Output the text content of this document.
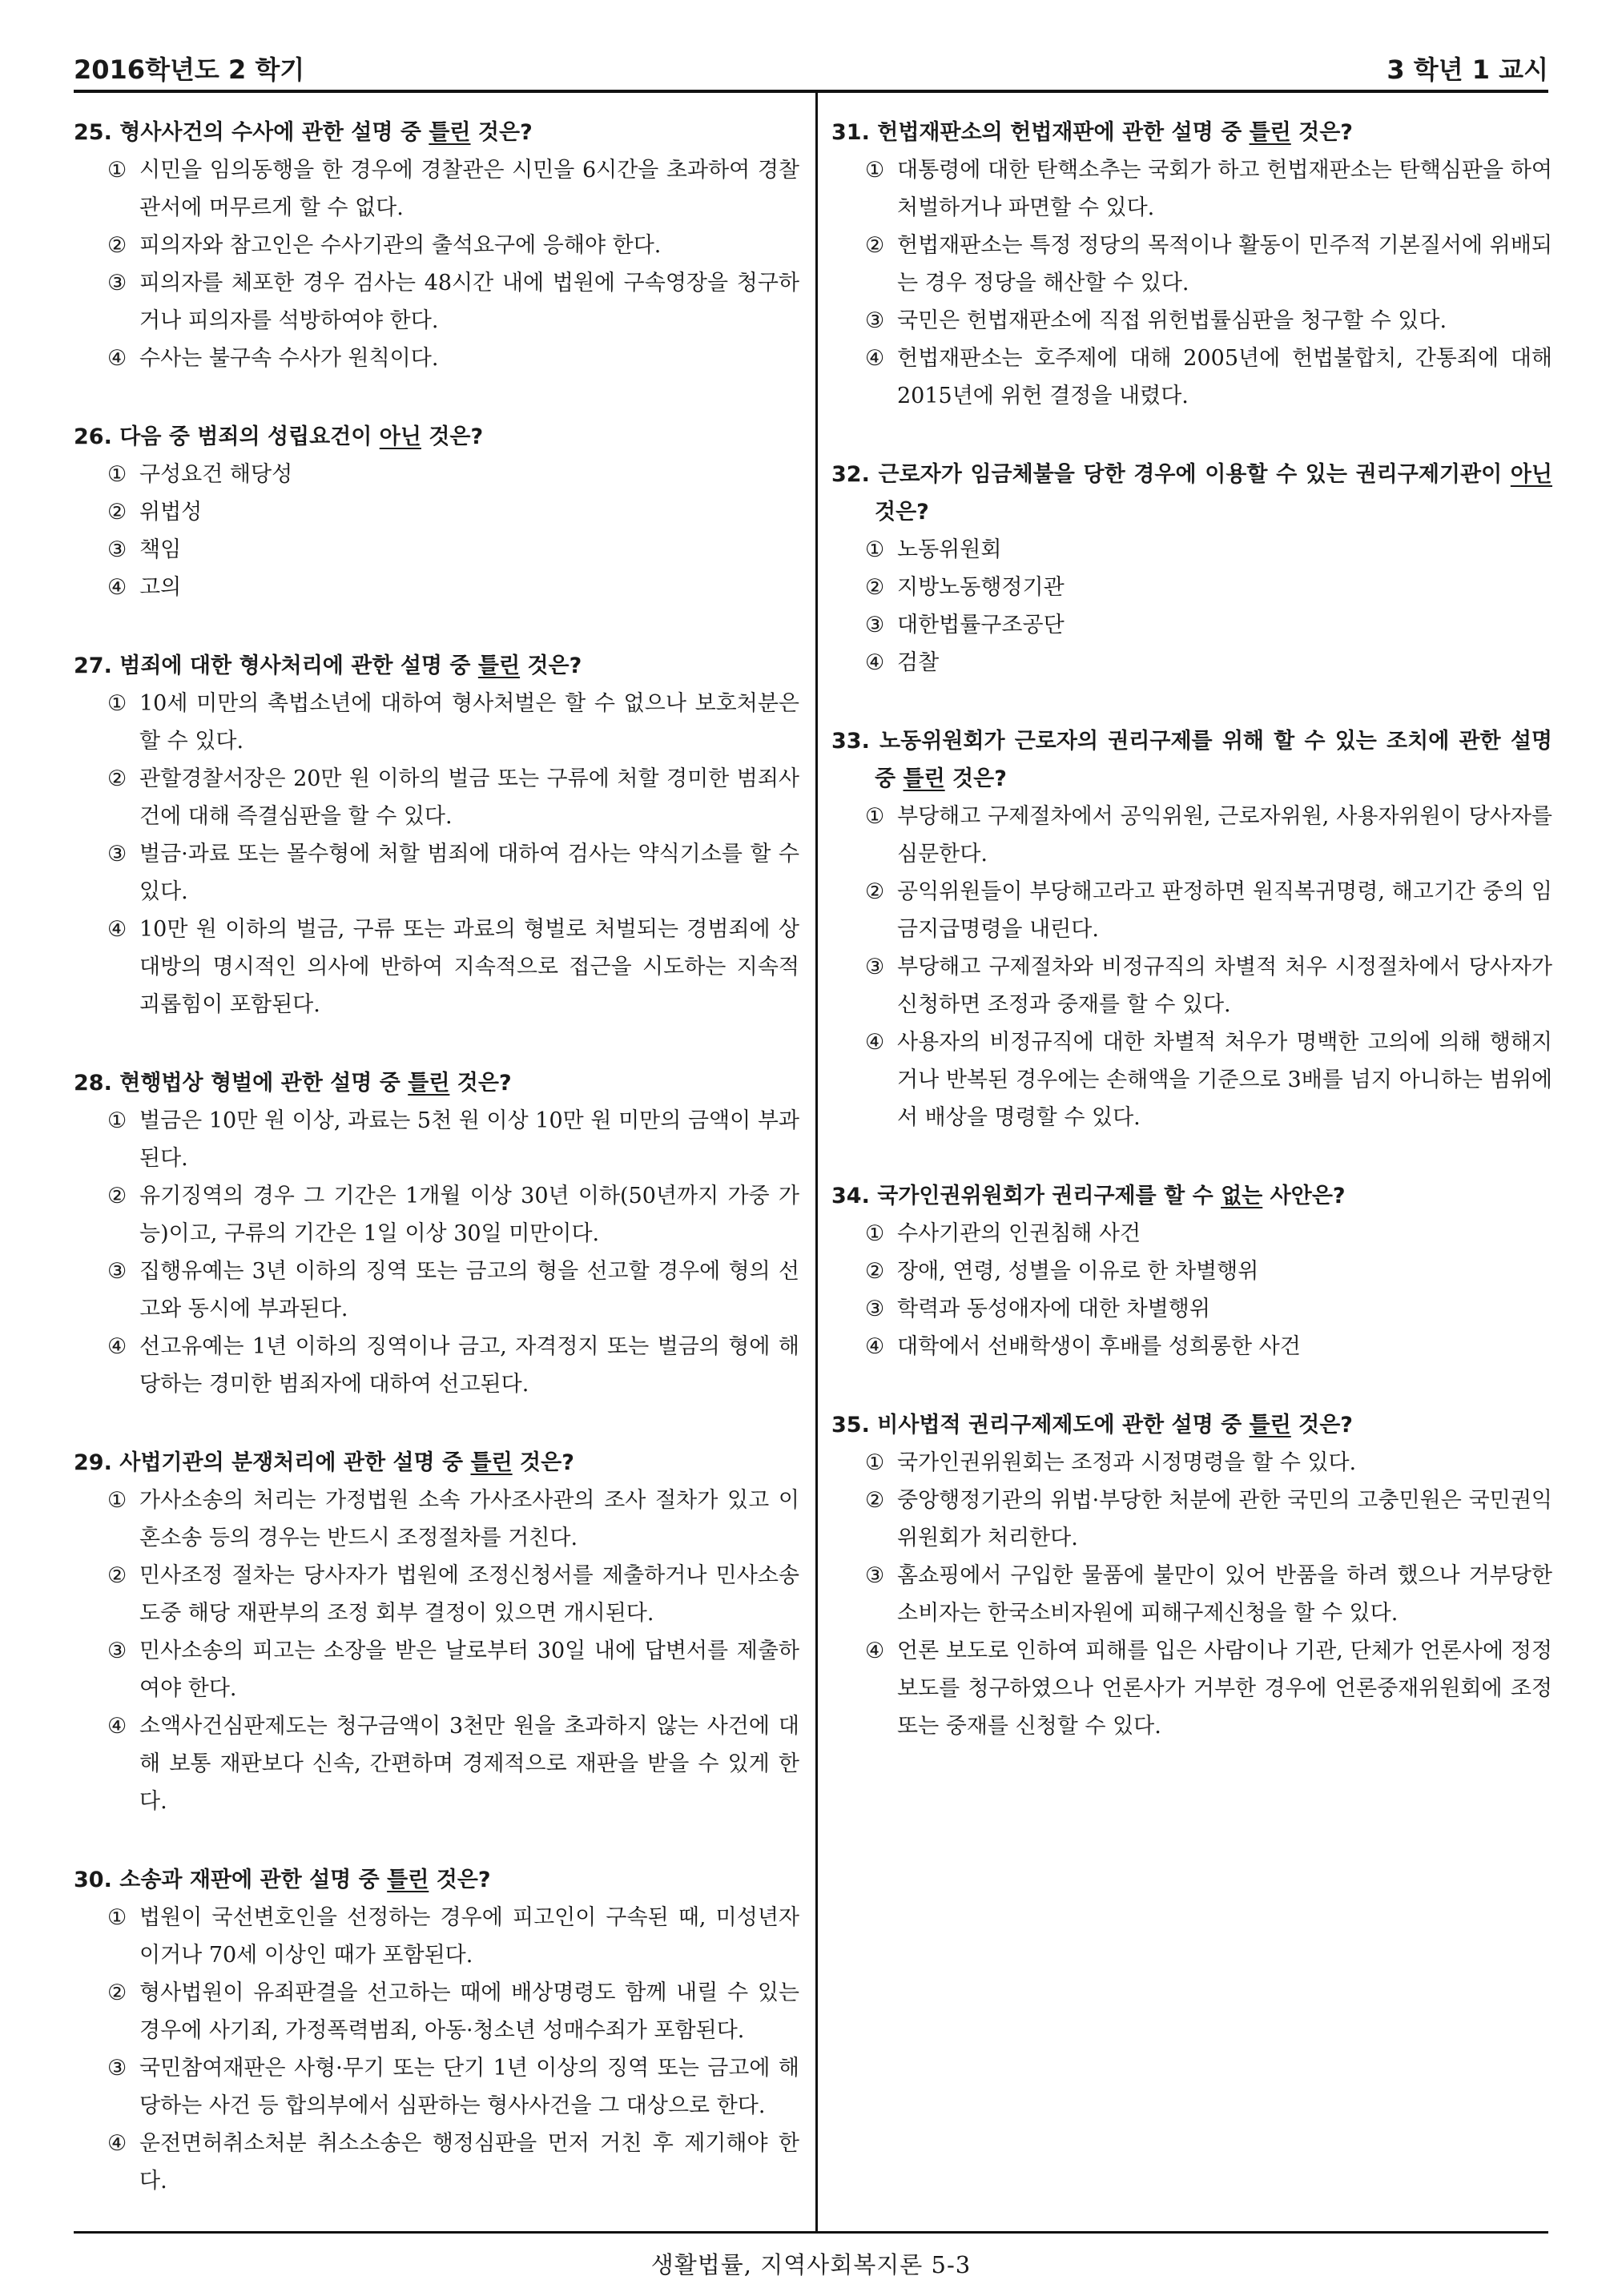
2016학년도 2 학기	3 학년 1 교시
생활법률, 지역사회복지론 5-3
25. 형사사건의 수사에 관한 설명 중 틀린 것은?
① 시민을 임의동행을 한 경우에 경찰관은 시민을 6시간을 초과하여 경찰관서에 머무르게 할 수 없다.
② 피의자와 참고인은 수사기관의 출석요구에 응해야 한다.
③ 피의자를 체포한 경우 검사는 48시간 내에 법원에 구속영장을 청구하거나 피의자를 석방하여야 한다.
④ 수사는 불구속 수사가 원칙이다.
26. 다음 중 범죄의 성립요건이 아닌 것은?
① 구성요건 해당성
② 위법성
③ 책임
④ 고의
27. 범죄에 대한 형사처리에 관한 설명 중 틀린 것은?
① 10세 미만의 촉법소년에 대하여 형사처벌은 할 수 없으나 보호처분은 할 수 있다.
② 관할경찰서장은 20만 원 이하의 벌금 또는 구류에 처할 경미한 범죄사건에 대해 즉결심판을 할 수 있다.
③ 벌금·과료 또는 몰수형에 처할 범죄에 대하여 검사는 약식기소를 할 수 있다.
④ 10만 원 이하의 벌금, 구류 또는 과료의 형벌로 처벌되는 경범죄에 상대방의 명시적인 의사에 반하여 지속적으로 접근을 시도하는 지속적 괴롭힘이 포함된다.
28. 현행법상 형벌에 관한 설명 중 틀린 것은?
① 벌금은 10만 원 이상, 과료는 5천 원 이상 10만 원 미만의 금액이 부과된다.
② 유기징역의 경우 그 기간은 1개월 이상 30년 이하(50년까지 가중 가능)이고, 구류의 기간은 1일 이상 30일 미만이다.
③ 집행유예는 3년 이하의 징역 또는 금고의 형을 선고할 경우에 형의 선고와 동시에 부과된다.
④ 선고유예는 1년 이하의 징역이나 금고, 자격정지 또는 벌금의 형에 해당하는 경미한 범죄자에 대하여 선고된다.
29. 사법기관의 분쟁처리에 관한 설명 중 틀린 것은?
① 가사소송의 처리는 가정법원 소속 가사조사관의 조사 절차가 있고 이혼소송 등의 경우는 반드시 조정절차를 거친다.
② 민사조정 절차는 당사자가 법원에 조정신청서를 제출하거나 민사소송 도중 해당 재판부의 조정 회부 결정이 있으면 개시된다.
③ 민사소송의 피고는 소장을 받은 날로부터 30일 내에 답변서를 제출하여야 한다.
④ 소액사건심판제도는 청구금액이 3천만 원을 초과하지 않는 사건에 대해 보통 재판보다 신속, 간편하며 경제적으로 재판을 받을 수 있게 한다.
30. 소송과 재판에 관한 설명 중 틀린 것은?
① 법원이 국선변호인을 선정하는 경우에 피고인이 구속된 때, 미성년자이거나 70세 이상인 때가 포함된다.
② 형사법원이 유죄판결을 선고하는 때에 배상명령도 함께 내릴 수 있는 경우에 사기죄, 가정폭력범죄, 아동·청소년 성매수죄가 포함된다.
③ 국민참여재판은 사형·무기 또는 단기 1년 이상의 징역 또는 금고에 해당하는 사건 등 합의부에서 심판하는 형사사건을 그 대상으로 한다.
④ 운전면허취소처분 취소소송은 행정심판을 먼저 거친 후 제기해야 한다.
31. 헌법재판소의 헌법재판에 관한 설명 중 틀린 것은?
① 대통령에 대한 탄핵소추는 국회가 하고 헌법재판소는 탄핵심판을 하여 처벌하거나 파면할 수 있다.
② 헌법재판소는 특정 정당의 목적이나 활동이 민주적 기본질서에 위배되는 경우 정당을 해산할 수 있다.
③ 국민은 헌법재판소에 직접 위헌법률심판을 청구할 수 있다.
④ 헌법재판소는 호주제에 대해 2005년에 헌법불합치, 간통죄에 대해 2015년에 위헌 결정을 내렸다.
32. 근로자가 임금체불을 당한 경우에 이용할 수 있는 권리구제기관이 아닌 것은?
① 노동위원회
② 지방노동행정기관
③ 대한법률구조공단
④ 검찰
33. 노동위원회가 근로자의 권리구제를 위해 할 수 있는 조치에 관한 설명 중 틀린 것은?
① 부당해고 구제절차에서 공익위원, 근로자위원, 사용자위원이 당사자를 심문한다.
② 공익위원들이 부당해고라고 판정하면 원직복귀명령, 해고기간 중의 임금지급명령을 내린다.
③ 부당해고 구제절차와 비정규직의 차별적 처우 시정절차에서 당사자가 신청하면 조정과 중재를 할 수 있다.
④ 사용자의 비정규직에 대한 차별적 처우가 명백한 고의에 의해 행해지거나 반복된 경우에는 손해액을 기준으로 3배를 넘지 아니하는 범위에서 배상을 명령할 수 있다.
34. 국가인권위원회가 권리구제를 할 수 없는 사안은?
① 수사기관의 인권침해 사건
② 장애, 연령, 성별을 이유로 한 차별행위
③ 학력과 동성애자에 대한 차별행위
④ 대학에서 선배학생이 후배를 성희롱한 사건
35. 비사법적 권리구제제도에 관한 설명 중 틀린 것은?
① 국가인권위원회는 조정과 시정명령을 할 수 있다.
② 중앙행정기관의 위법·부당한 처분에 관한 국민의 고충민원은 국민권익위원회가 처리한다.
③ 홈쇼핑에서 구입한 물품에 불만이 있어 반품을 하려 했으나 거부당한 소비자는 한국소비자원에 피해구제신청을 할 수 있다.
④ 언론 보도로 인하여 피해를 입은 사람이나 기관, 단체가 언론사에 정정보도를 청구하였으나 언론사가 거부한 경우에 언론중재위원회에 조정 또는 중재를 신청할 수 있다.
